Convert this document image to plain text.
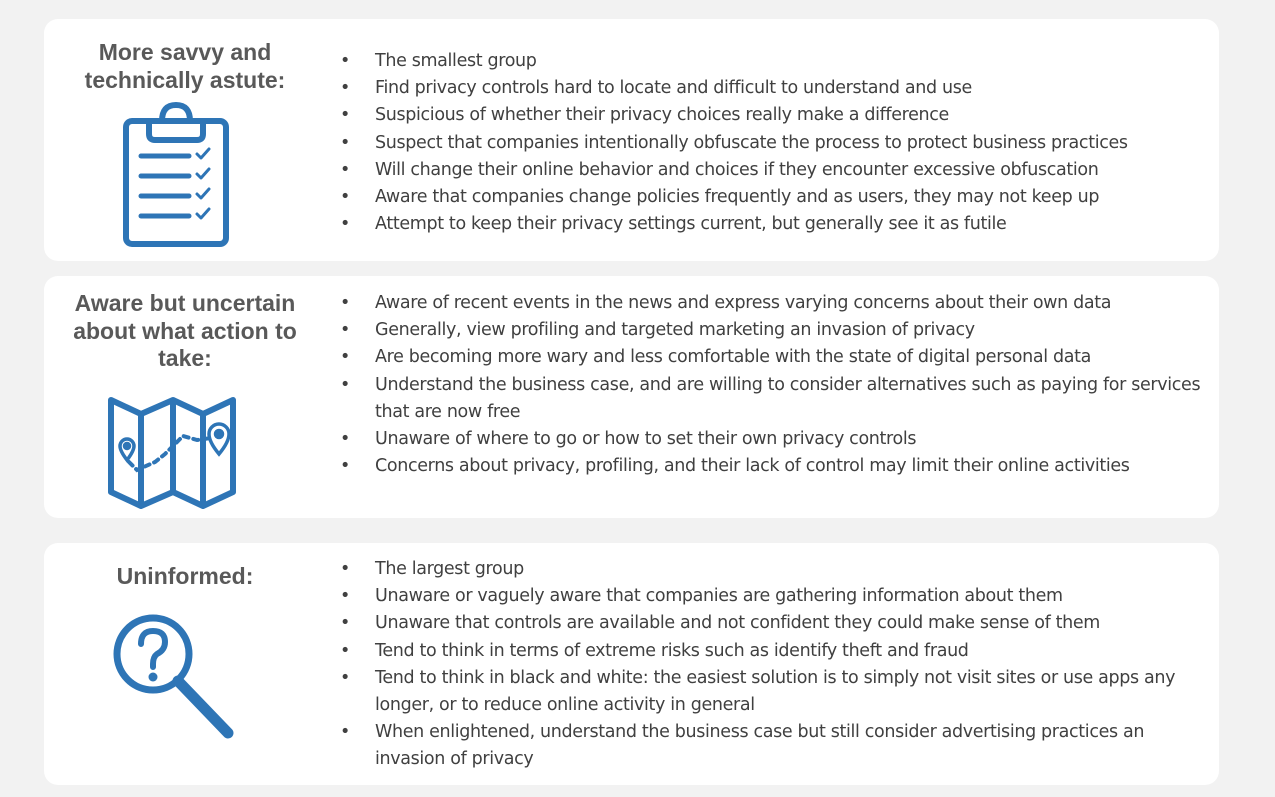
More savvy and technically astute:
• The smallest group
• Find privacy controls hard to locate and difficult to understand and use
• Suspicious of whether their privacy choices really make a difference
• Suspect that companies intentionally obfuscate the process to protect business practices
• Will change their online behavior and choices if they encounter excessive obfuscation
• Aware that companies change policies frequently and as users, they may not keep up
• Attempt to keep their privacy settings current, but generally see it as futile
Aware but uncertain about what action to take:
• Aware of recent events in the news and express varying concerns about their own data
• Generally, view profiling and targeted marketing an invasion of privacy
• Are becoming more wary and less comfortable with the state of digital personal data
• Understand the business case, and are willing to consider alternatives such as paying for services that are now free
• Unaware of where to go or how to set their own privacy controls
• Concerns about privacy, profiling, and their lack of control may limit their online activities
Uninformed:
•	The largest group
• Unaware or vaguely aware that companies are gathering information about them
• Unaware that controls are available and not confident they could make sense of them
• Tend to think in terms of extreme risks such as identify theft and fraud
• Tend to think in black and white: the easiest solution is to simply not visit sites or use apps any longer, or to reduce online activity in general
• When enlightened, understand the business case but still consider advertising practices an invasion of privacy
